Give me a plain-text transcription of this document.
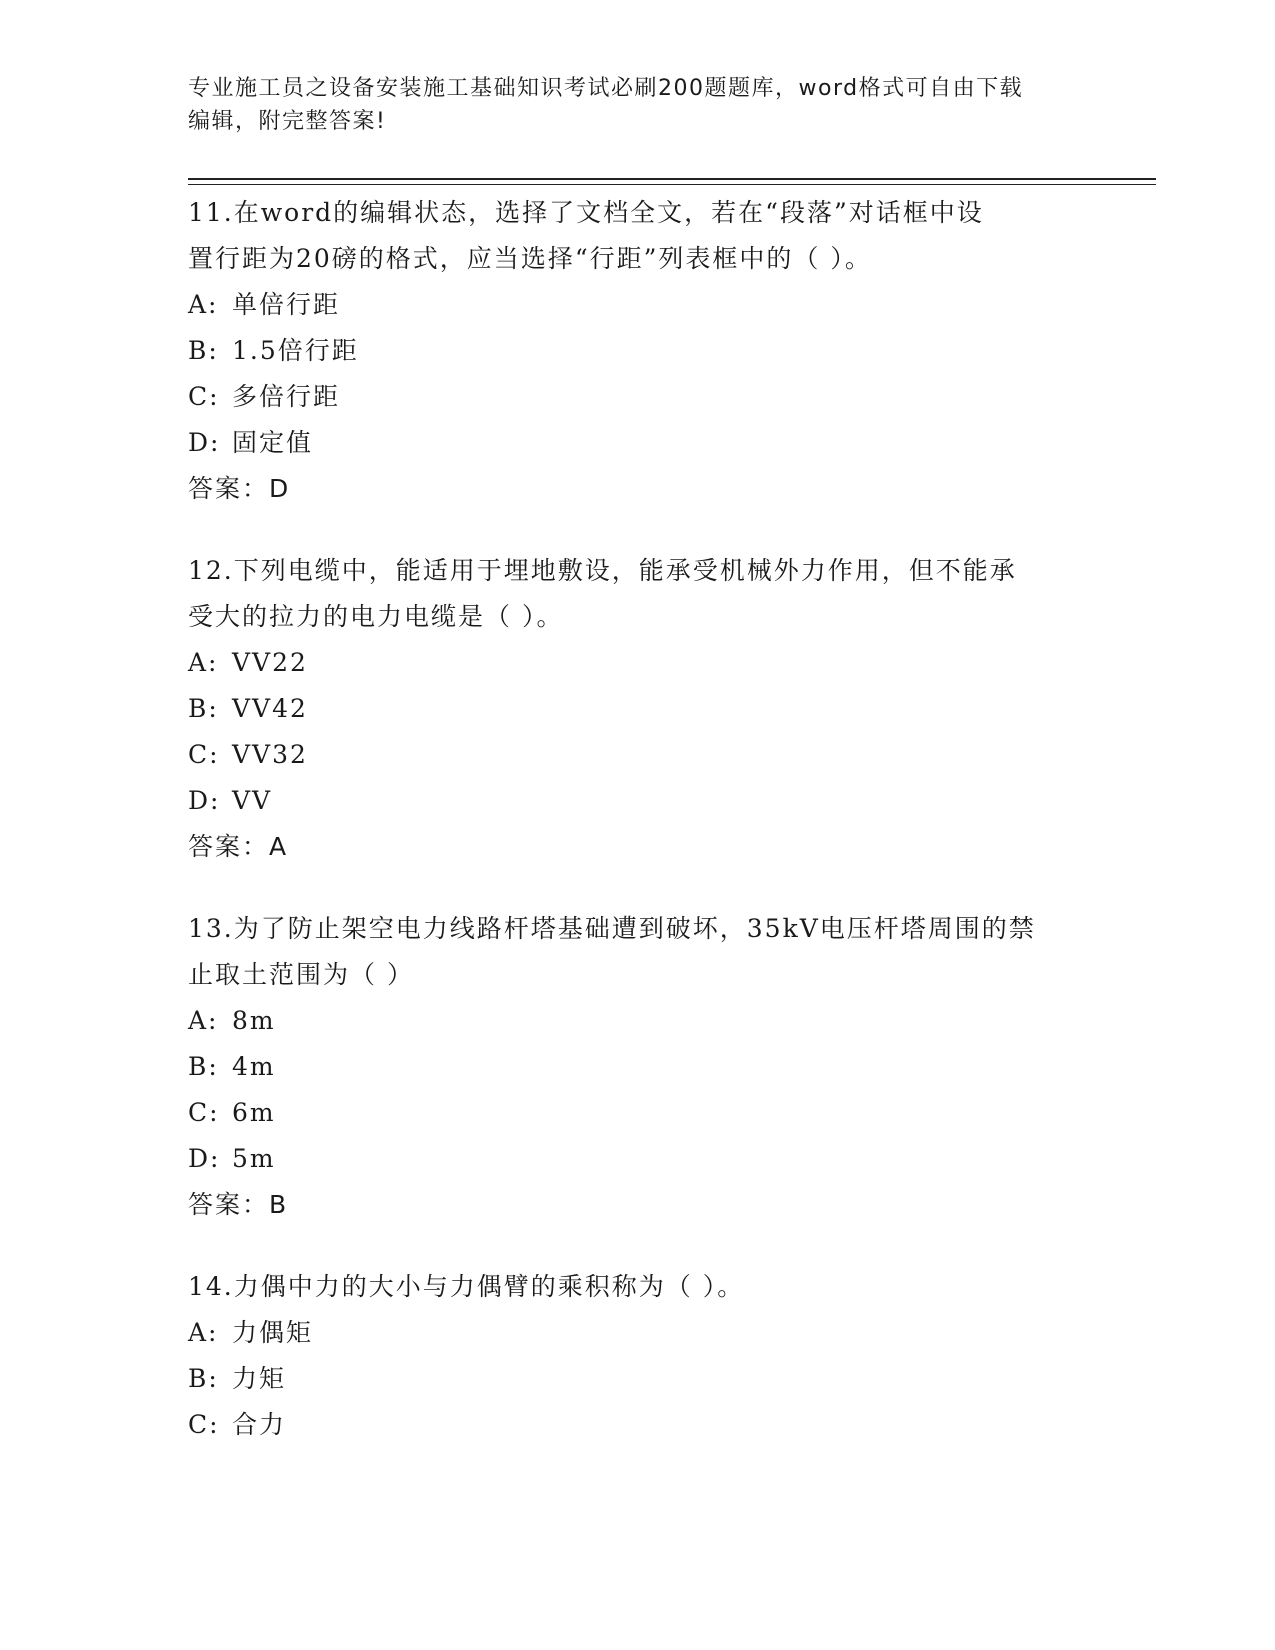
专业施工员之设备安装施工基础知识考试必刷200题题库，word格式可自由下载
编辑，附完整答案!

11.在word的编辑状态，选择了文档全文，若在“段落”对话框中设

置行距为20磅的格式，应当选择“行距”列表框中的（ ）。

A: 单倍行距

B: 1.5倍行距

C: 多倍行距

D: 固定值

答案：D

12.下列电缆中，能适用于埋地敷设，能承受机械外力作用，但不能承

受大的拉力的电力电缆是（ ）。

A: VV22

B: VV42

C: VV32

D: VV

答案：A

13.为了防止架空电力线路杆塔基础遭到破坏，35kV电压杆塔周围的禁

止取土范围为（ ）

A: 8m

B: 4m

C: 6m

D: 5m

答案：B

14.力偶中力的大小与力偶臂的乘积称为（ ）。

A: 力偶矩

B: 力矩

C: 合力
